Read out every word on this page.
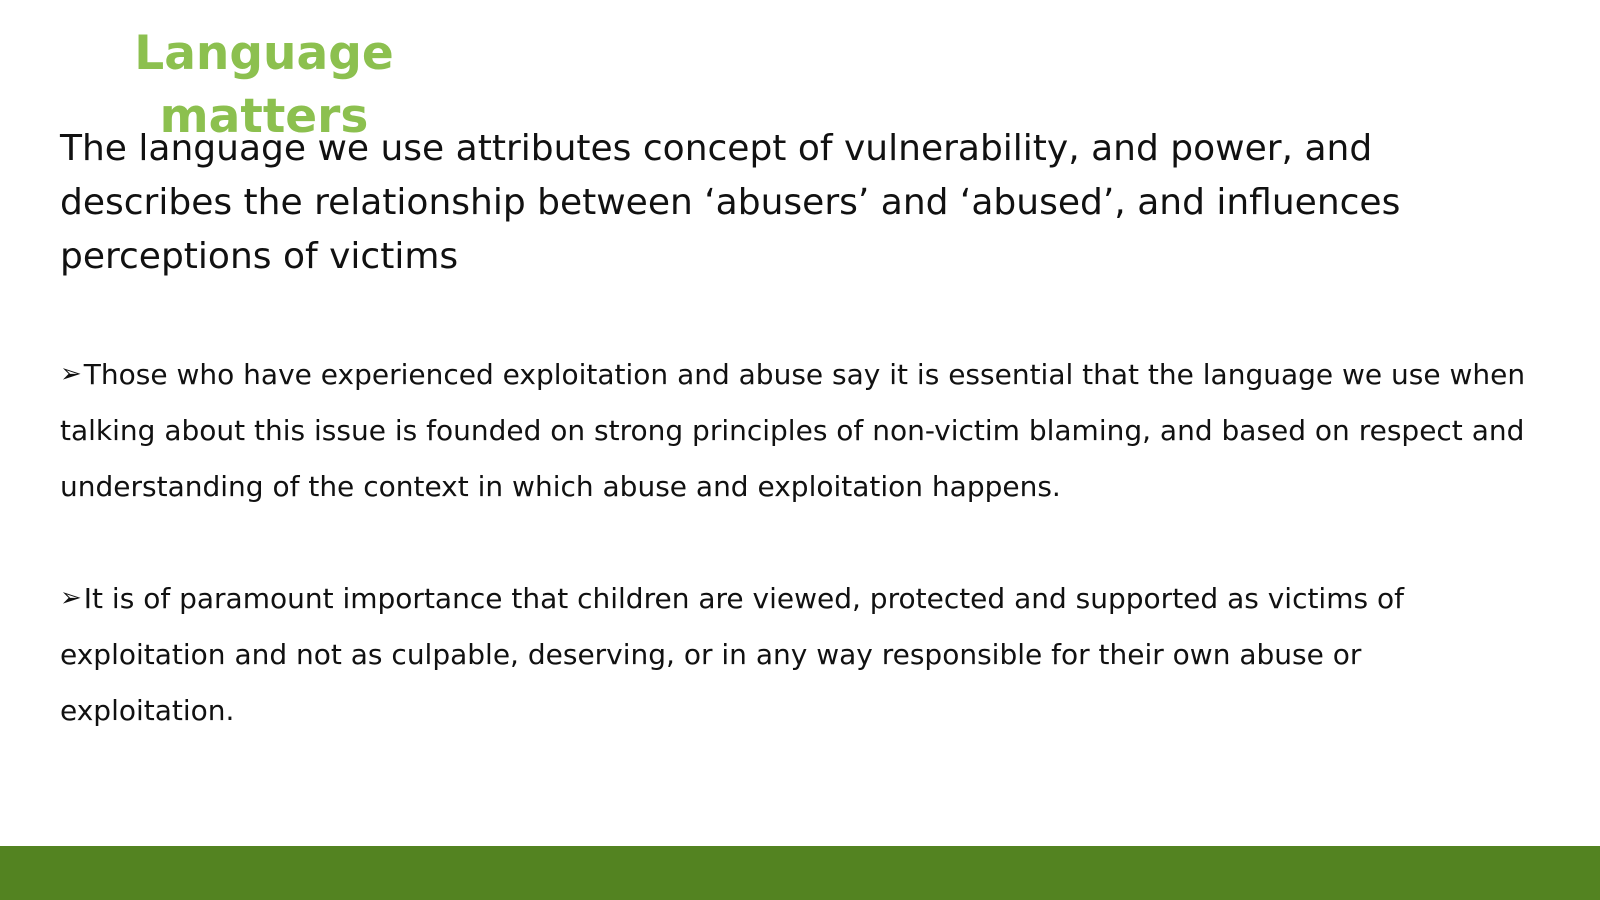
Language matters

The language we use attributes concept of vulnerability, and power, and describes the relationship between ‘abusers’ and ‘abused’, and influences perceptions of victims

➢Those who have experienced exploitation and abuse say it is essential that the language we use when talking about this issue is founded on strong principles of non-victim blaming, and based on respect and understanding of the context in which abuse and exploitation happens.

➢It is of paramount importance that children are viewed, protected and supported as victims of exploitation and not as culpable, deserving, or in any way responsible for their own abuse or exploitation.
